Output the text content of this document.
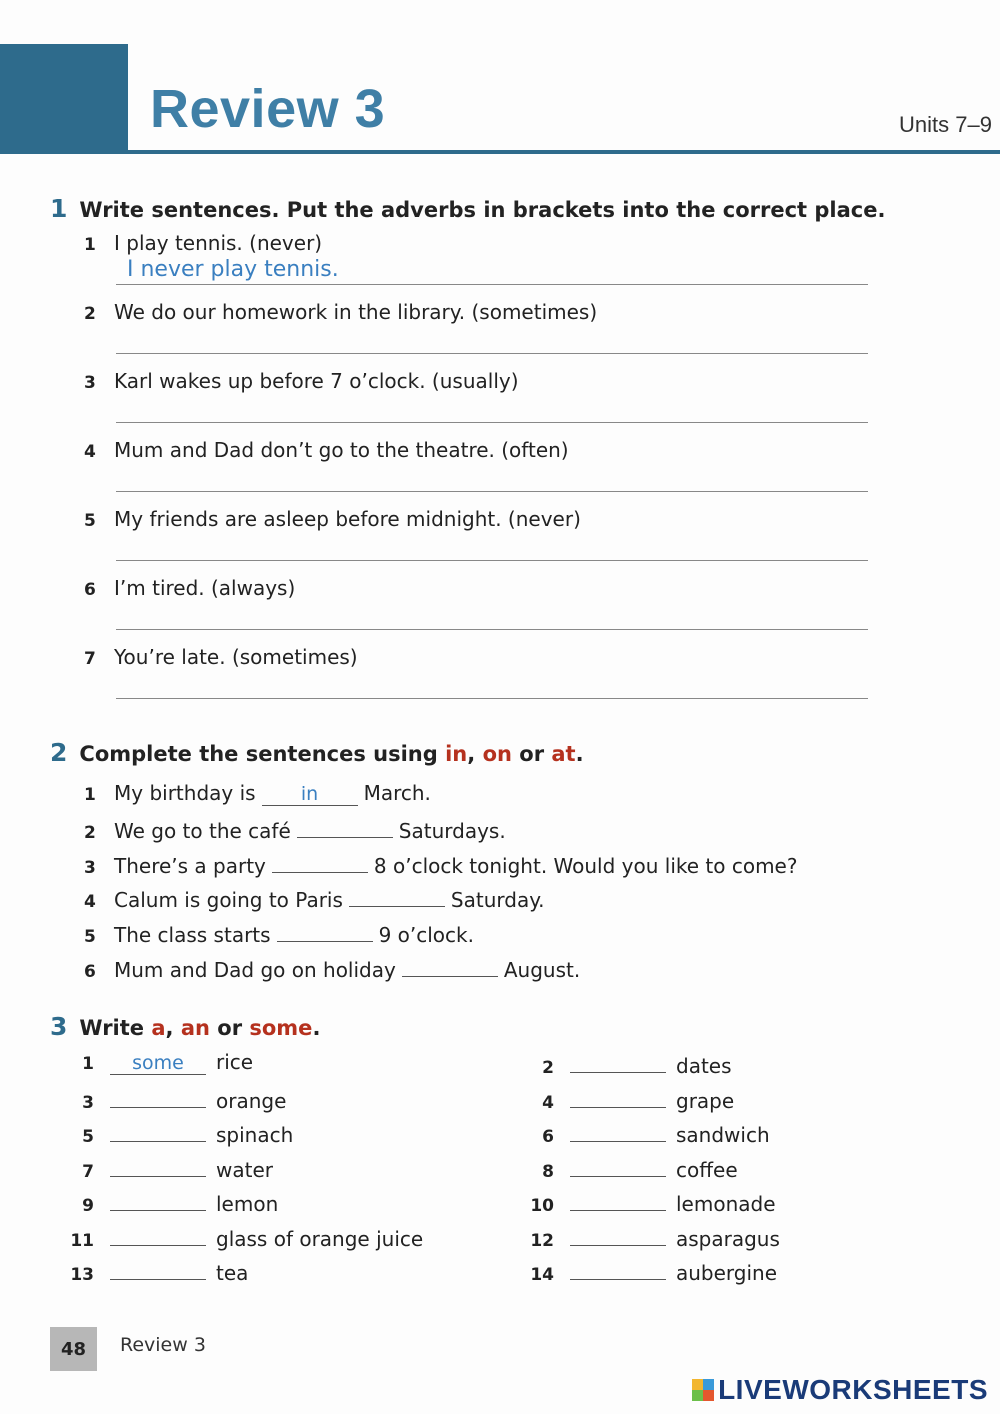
Review 3	Units 7–9
1 Write sentences. Put the adverbs in brackets into the correct place.
1 I play tennis. (never)
I never play tennis.
2 We do our homework in the library. (sometimes)
3 Karl wakes up before 7 o’clock. (usually)
4 Mum and Dad don’t go to the theatre. (often)
5 My friends are asleep before midnight. (never)
6 I’m tired. (always)
7 You’re late. (sometimes)
2 Complete the sentences using in, on or at.
1 My birthday is in March.
2 We go to the café	Saturdays.
3 There’s a party	8 o’clock tonight. Would you like to come?
4 Calum is going to Paris	Saturday.
5 The class starts	9 o’clock.
6 Mum and Dad go on holiday	August.
3 Write a, an or some.
1 some rice	2	dates
3	orange	4	grape
5	spinach	6	sandwich
7	water	8	coffee
9	lemon	10	lemonade
11	glass of orange juice	12	asparagus
13	tea	14	aubergine
48	Review 3
LIVEWORKSHEETS
